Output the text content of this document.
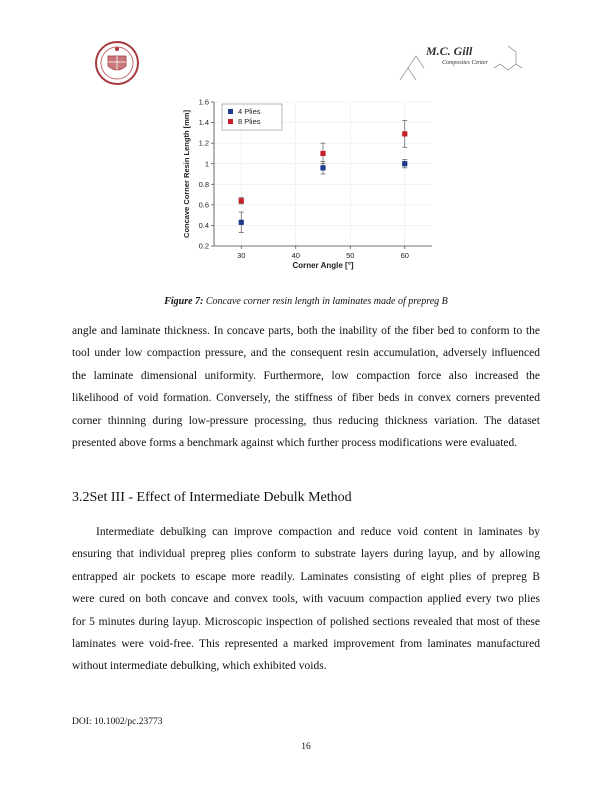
M.C. Gill
Composites Center
30	40	50	60
0.2
0.4
0.6
0.8
1
1.2
1.4
1.6
Corner Angle [°]
Concave Corner Resin Length [mm]	4 Plies
8 Plies
Figure 7: Concave corner resin length in laminates made of prepreg B
angle and laminate thickness. In concave parts, both the inability of the fiber bed to conform to the
tool under low compaction pressure, and the consequent resin accumulation, adversely influenced
the laminate dimensional uniformity. Furthermore, low compaction force also increased the
likelihood of void formation. Conversely, the stiffness of fiber beds in convex corners prevented
corner thinning during low-pressure processing, thus reducing thickness variation. The dataset
presented above forms a benchmark against which further process modifications were evaluated.
3.2Set III - Effect of Intermediate Debulk Method
Intermediate debulking can improve compaction and reduce void content in laminates by
ensuring that individual prepreg plies conform to substrate layers during layup, and by allowing
entrapped air pockets to escape more readily. Laminates consisting of eight plies of prepreg B
were cured on both concave and convex tools, with vacuum compaction applied every two plies
for 5 minutes during layup. Microscopic inspection of polished sections revealed that most of these
laminates were void-free. This represented a marked improvement from laminates manufactured
without intermediate debulking, which exhibited voids.
DOI: 10.1002/pc.23773
16
